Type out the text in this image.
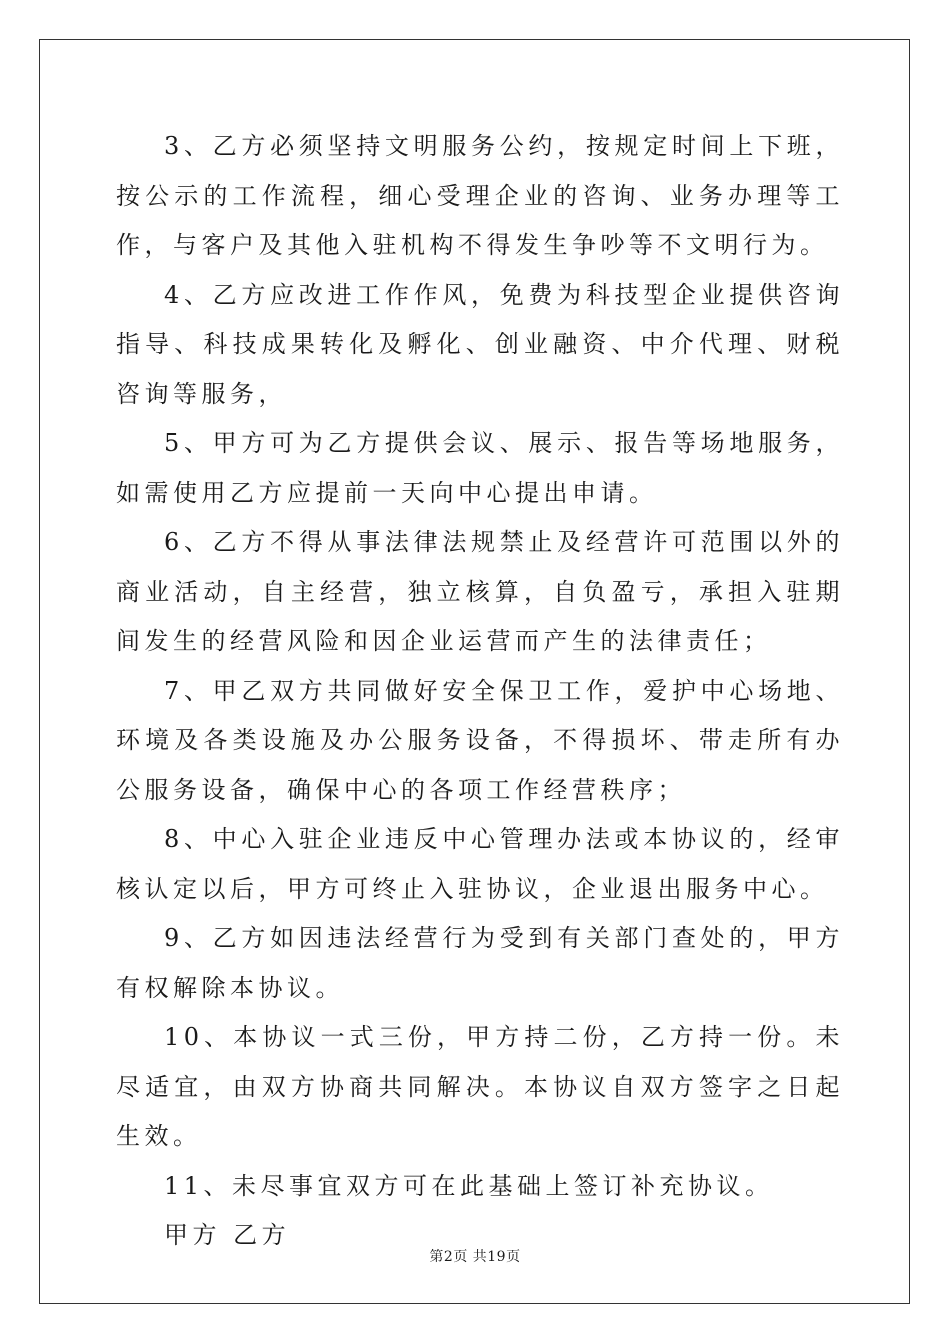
3、乙方必须坚持文明服务公约，按规定时间上下班，按公示的工作流程，细心受理企业的咨询、业务办理等工作，与客户及其他入驻机构不得发生争吵等不文明行为。

4、乙方应改进工作作风，免费为科技型企业提供咨询指导、科技成果转化及孵化、创业融资、中介代理、财税咨询等服务，

5、甲方可为乙方提供会议、展示、报告等场地服务，如需使用乙方应提前一天向中心提出申请。

6、乙方不得从事法律法规禁止及经营许可范围以外的商业活动，自主经营，独立核算，自负盈亏，承担入驻期间发生的经营风险和因企业运营而产生的法律责任；

7、甲乙双方共同做好安全保卫工作，爱护中心场地、环境及各类设施及办公服务设备，不得损坏、带走所有办公服务设备，确保中心的各项工作经营秩序；

8、中心入驻企业违反中心管理办法或本协议的，经审核认定以后，甲方可终止入驻协议，企业退出服务中心。

9、乙方如因违法经营行为受到有关部门查处的，甲方有权解除本协议。

10、本协议一式三份，甲方持二份，乙方持一份。未尽适宜，由双方协商共同解决。本协议自双方签字之日起生效。

11、未尽事宜双方可在此基础上签订补充协议。

甲方 乙方

第2页 共19页
